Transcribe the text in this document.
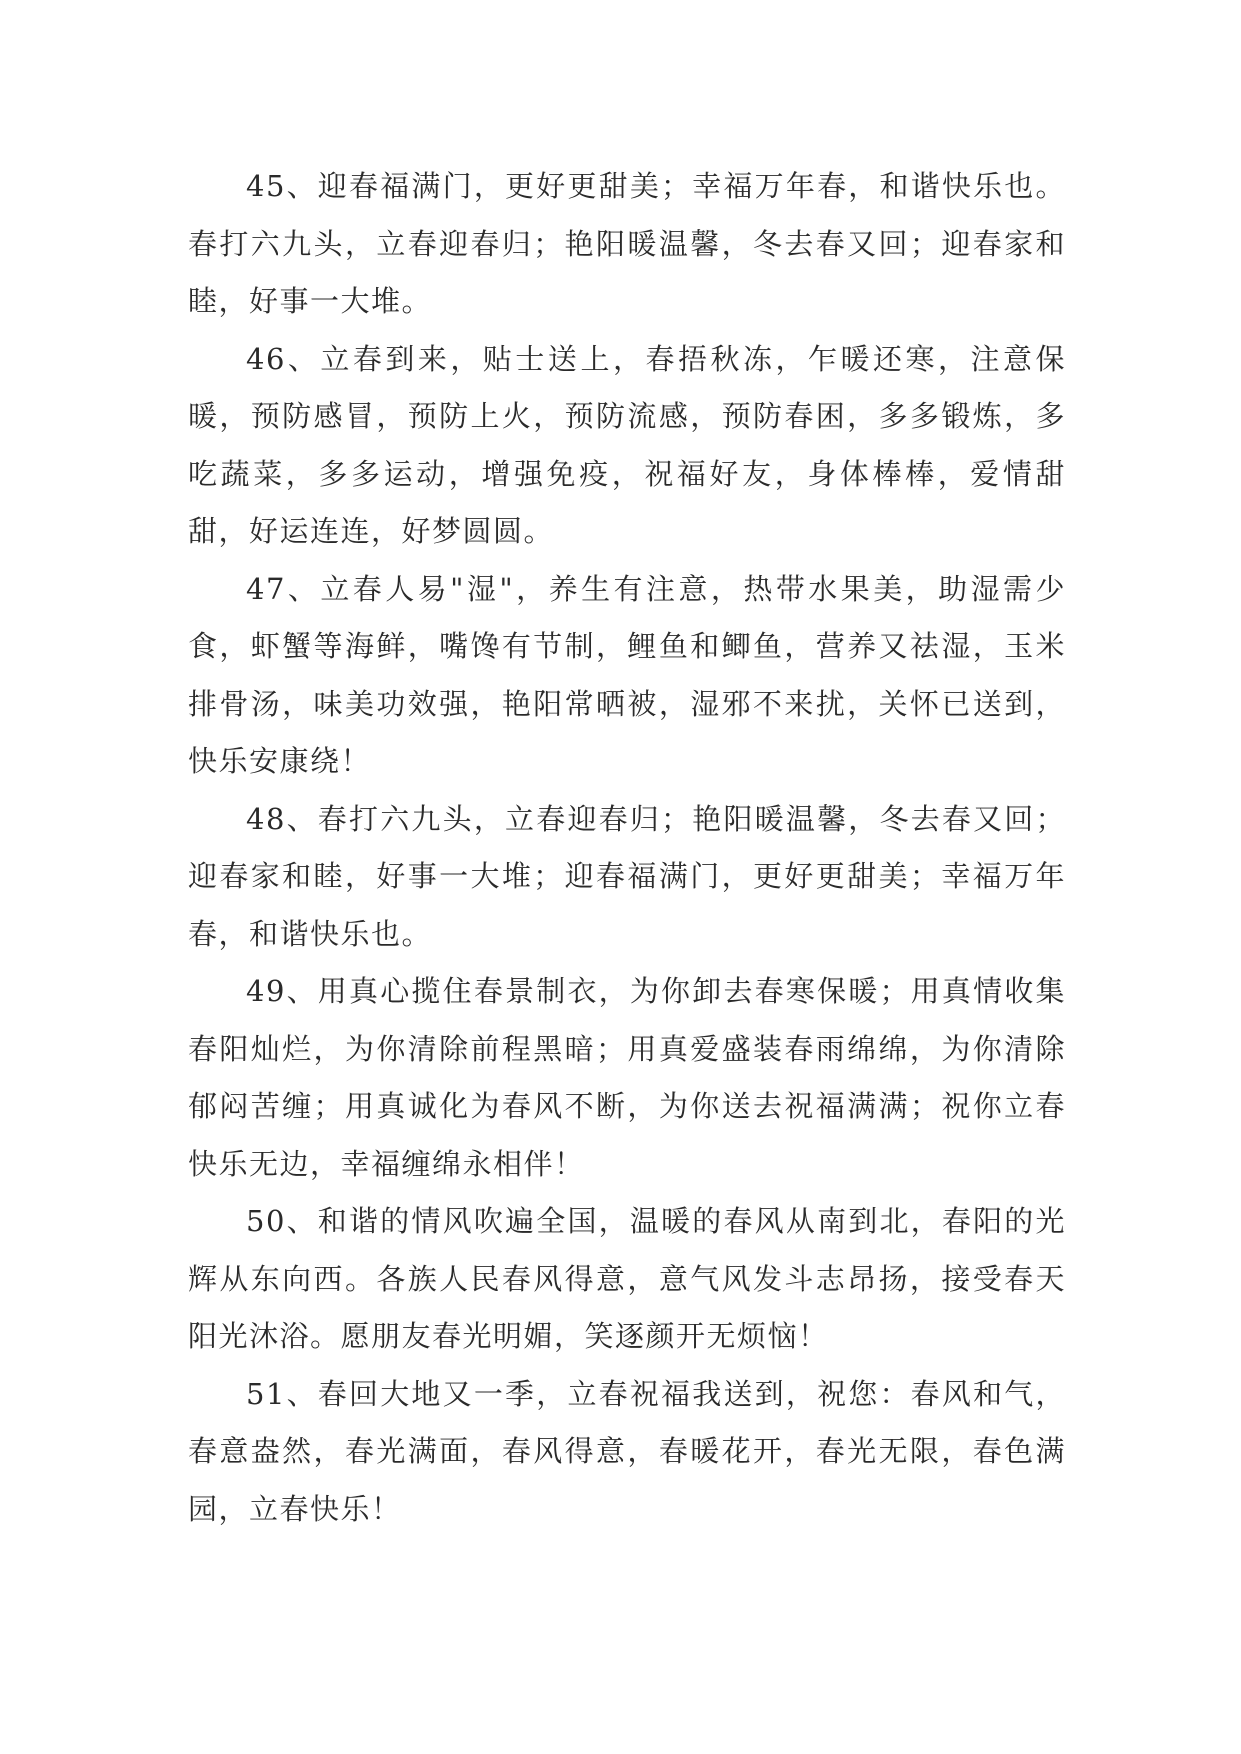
45、迎春福满门，更好更甜美；幸福万年春，和谐快乐也。春打六九头，立春迎春归；艳阳暖温馨，冬去春又回；迎春家和睦，好事一大堆。

46、立春到来，贴士送上，春捂秋冻，乍暖还寒，注意保暖，预防感冒，预防上火，预防流感，预防春困，多多锻炼，多吃蔬菜，多多运动，增强免疫，祝福好友，身体棒棒，爱情甜甜，好运连连，好梦圆圆。

47、立春人易"湿"，养生有注意，热带水果美，助湿需少食，虾蟹等海鲜，嘴馋有节制，鲤鱼和鲫鱼，营养又祛湿，玉米排骨汤，味美功效强，艳阳常晒被，湿邪不来扰，关怀已送到，快乐安康绕！

48、春打六九头，立春迎春归；艳阳暖温馨，冬去春又回；迎春家和睦，好事一大堆；迎春福满门，更好更甜美；幸福万年春，和谐快乐也。

49、用真心揽住春景制衣，为你卸去春寒保暖；用真情收集春阳灿烂，为你清除前程黑暗；用真爱盛装春雨绵绵，为你清除郁闷苦缠；用真诚化为春风不断，为你送去祝福满满；祝你立春快乐无边，幸福缠绵永相伴！

50、和谐的情风吹遍全国，温暖的春风从南到北，春阳的光辉从东向西。各族人民春风得意，意气风发斗志昂扬，接受春天阳光沐浴。愿朋友春光明媚，笑逐颜开无烦恼！

51、春回大地又一季，立春祝福我送到，祝您：春风和气，春意盎然，春光满面，春风得意，春暖花开，春光无限，春色满园，立春快乐！
